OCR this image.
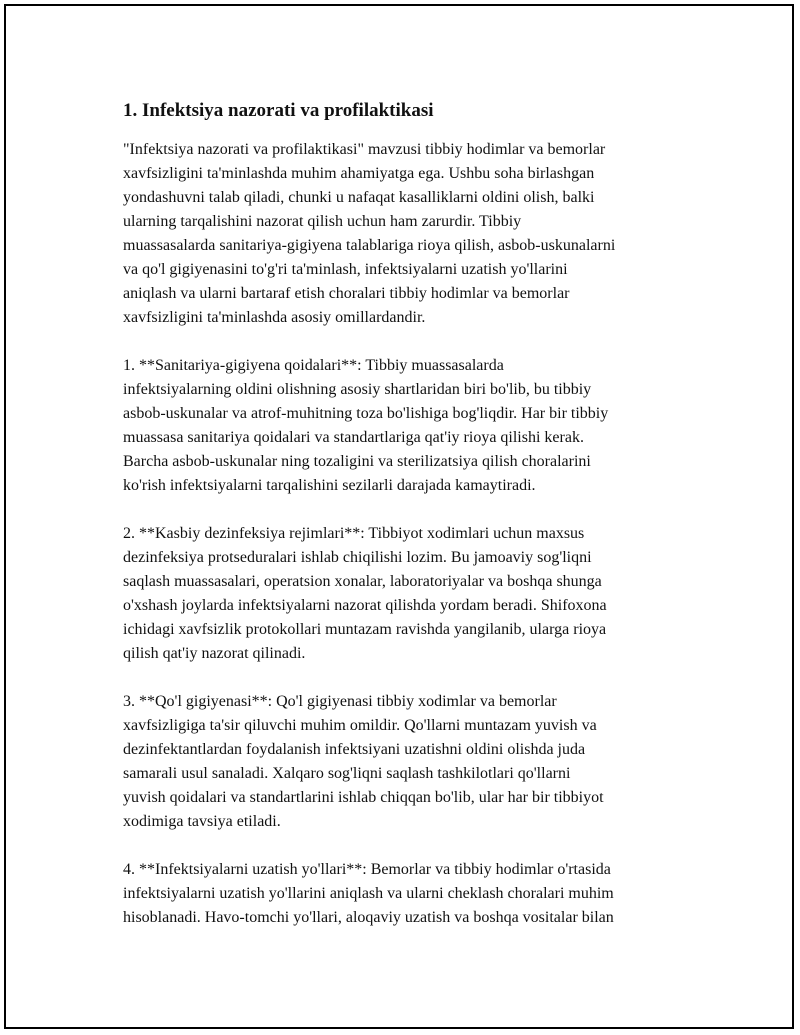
1. Infektsiya nazorati va profilaktikasi

"Infektsiya nazorati va profilaktikasi" mavzusi tibbiy hodimlar va bemorlar
xavfsizligini ta'minlashda muhim ahamiyatga ega. Ushbu soha birlashgan
yondashuvni talab qiladi, chunki u nafaqat kasalliklarni oldini olish, balki
ularning tarqalishini nazorat qilish uchun ham zarurdir. Tibbiy
muassasalarda sanitariya-gigiyena talablariga rioya qilish, asbob-uskunalarni
va qo'l gigiyenasini to'g'ri ta'minlash, infektsiyalarni uzatish yo'llarini
aniqlash va ularni bartaraf etish choralari tibbiy hodimlar va bemorlar
xavfsizligini ta'minlashda asosiy omillardandir.

1. **Sanitariya-gigiyena qoidalari**: Tibbiy muassasalarda
infektsiyalarning oldini olishning asosiy shartlaridan biri bo'lib, bu tibbiy
asbob-uskunalar va atrof-muhitning toza bo'lishiga bog'liqdir. Har bir tibbiy
muassasa sanitariya qoidalari va standartlariga qat'iy rioya qilishi kerak.
Barcha asbob-uskunalar ning tozaligini va sterilizatsiya qilish choralarini
ko'rish infektsiyalarni tarqalishini sezilarli darajada kamaytiradi.

2. **Kasbiy dezinfeksiya rejimlari**: Tibbiyot xodimlari uchun maxsus
dezinfeksiya protseduralari ishlab chiqilishi lozim. Bu jamoaviy sog'liqni
saqlash muassasalari, operatsion xonalar, laboratoriyalar va boshqa shunga
o'xshash joylarda infektsiyalarni nazorat qilishda yordam beradi. Shifoxona
ichidagi xavfsizlik protokollari muntazam ravishda yangilanib, ularga rioya
qilish qat'iy nazorat qilinadi.

3. **Qo'l gigiyenasi**: Qo'l gigiyenasi tibbiy xodimlar va bemorlar
xavfsizligiga ta'sir qiluvchi muhim omildir. Qo'llarni muntazam yuvish va
dezinfektantlardan foydalanish infektsiyani uzatishni oldini olishda juda
samarali usul sanaladi. Xalqaro sog'liqni saqlash tashkilotlari qo'llarni
yuvish qoidalari va standartlarini ishlab chiqqan bo'lib, ular har bir tibbiyot
xodimiga tavsiya etiladi.

4. **Infektsiyalarni uzatish yo'llari**: Bemorlar va tibbiy hodimlar o'rtasida
infektsiyalarni uzatish yo'llarini aniqlash va ularni cheklash choralari muhim
hisoblanadi. Havo-tomchi yo'llari, aloqaviy uzatish va boshqa vositalar bilan
